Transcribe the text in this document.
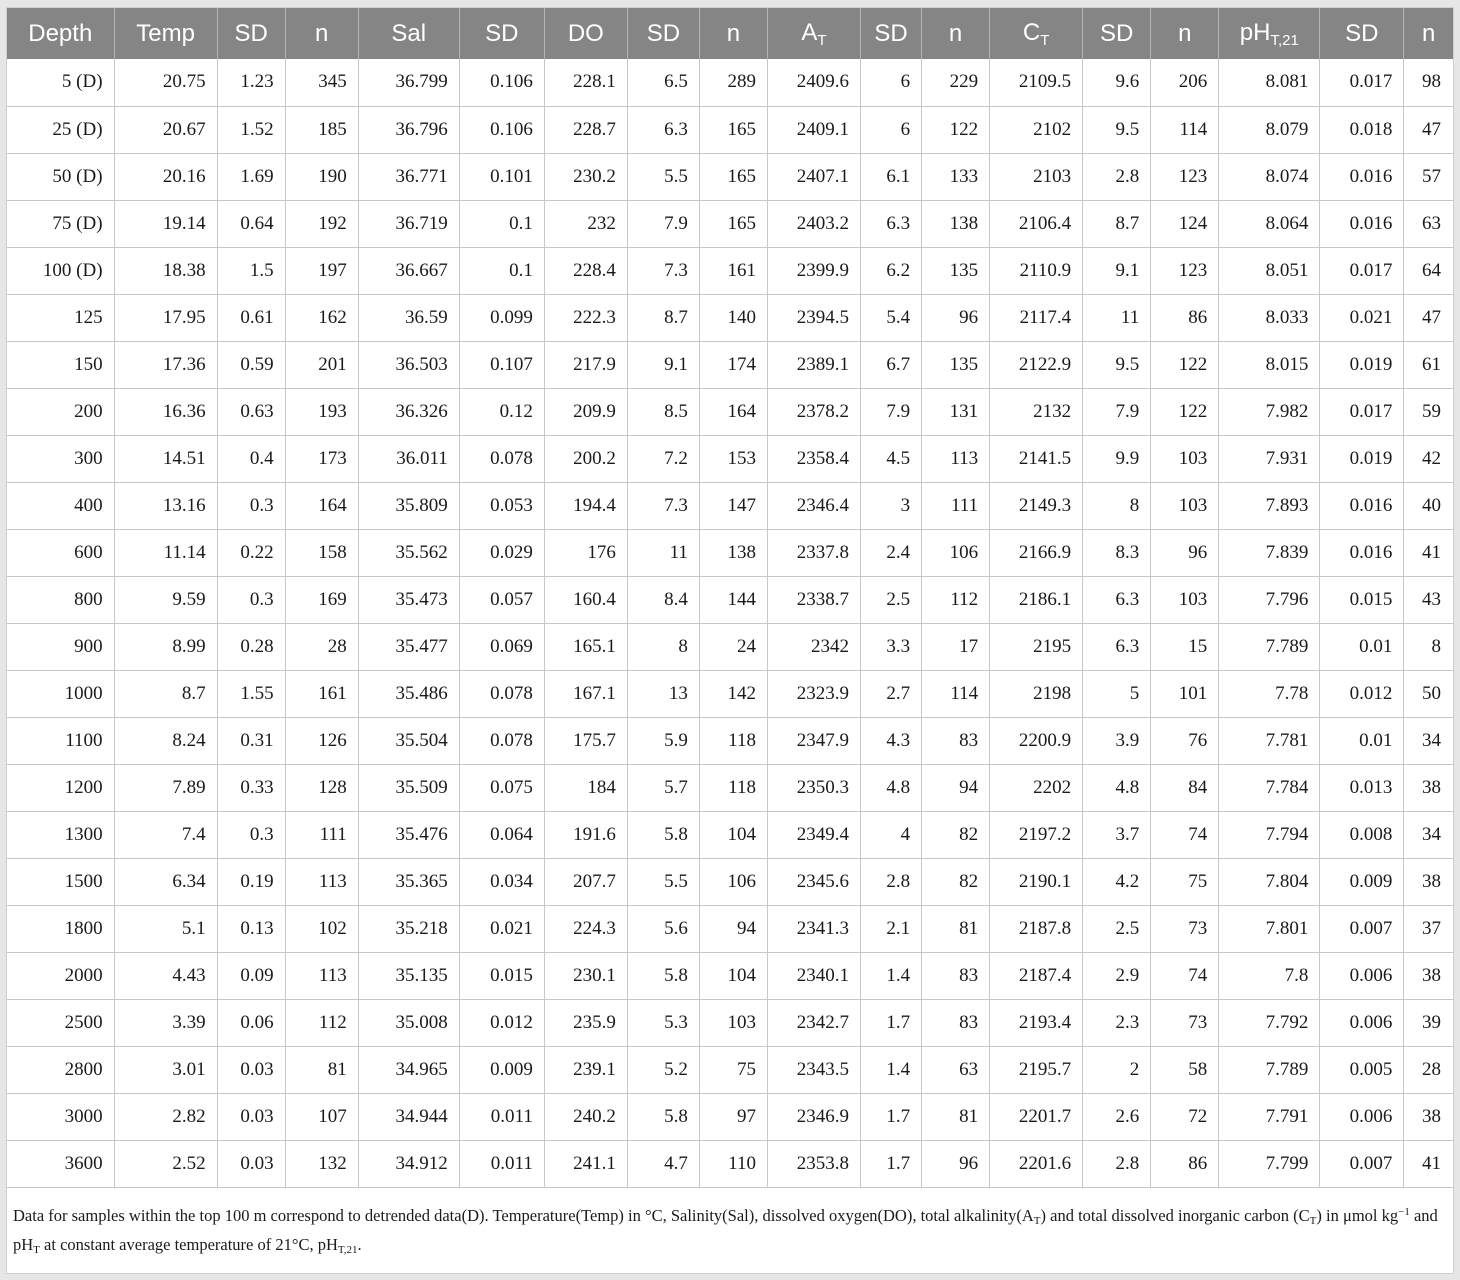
Depth	Temp	SD	n	Sal	SD	DO	SD	n	$A_T$	SD	n	$C_T$	SD	n	$pH_{T,21}$	SD	n
5 (D)	20.75	1.23	345	36.799	0.106	228.1	6.5	289	2409.6	6	229	2109.5	9.6	206	8.081	0.017	98
25 (D)	20.67	1.52	185	36.796	0.106	228.7	6.3	165	2409.1	6	122	2102	9.5	114	8.079	0.018	47
50 (D)	20.16	1.69	190	36.771	0.101	230.2	5.5	165	2407.1	6.1	133	2103	2.8	123	8.074	0.016	57
75 (D)	19.14	0.64	192	36.719	0.1	232	7.9	165	2403.2	6.3	138	2106.4	8.7	124	8.064	0.016	63
100 (D)	18.38	1.5	197	36.667	0.1	228.4	7.3	161	2399.9	6.2	135	2110.9	9.1	123	8.051	0.017	64
125	17.95	0.61	162	36.59	0.099	222.3	8.7	140	2394.5	5.4	96	2117.4	11	86	8.033	0.021	47
150	17.36	0.59	201	36.503	0.107	217.9	9.1	174	2389.1	6.7	135	2122.9	9.5	122	8.015	0.019	61
200	16.36	0.63	193	36.326	0.12	209.9	8.5	164	2378.2	7.9	131	2132	7.9	122	7.982	0.017	59
300	14.51	0.4	173	36.011	0.078	200.2	7.2	153	2358.4	4.5	113	2141.5	9.9	103	7.931	0.019	42
400	13.16	0.3	164	35.809	0.053	194.4	7.3	147	2346.4	3	111	2149.3	8	103	7.893	0.016	40
600	11.14	0.22	158	35.562	0.029	176	11	138	2337.8	2.4	106	2166.9	8.3	96	7.839	0.016	41
800	9.59	0.3	169	35.473	0.057	160.4	8.4	144	2338.7	2.5	112	2186.1	6.3	103	7.796	0.015	43
900	8.99	0.28	28	35.477	0.069	165.1	8	24	2342	3.3	17	2195	6.3	15	7.789	0.01	8
1000	8.7	1.55	161	35.486	0.078	167.1	13	142	2323.9	2.7	114	2198	5	101	7.78	0.012	50
1100	8.24	0.31	126	35.504	0.078	175.7	5.9	118	2347.9	4.3	83	2200.9	3.9	76	7.781	0.01	34
1200	7.89	0.33	128	35.509	0.075	184	5.7	118	2350.3	4.8	94	2202	4.8	84	7.784	0.013	38
1300	7.4	0.3	111	35.476	0.064	191.6	5.8	104	2349.4	4	82	2197.2	3.7	74	7.794	0.008	34
1500	6.34	0.19	113	35.365	0.034	207.7	5.5	106	2345.6	2.8	82	2190.1	4.2	75	7.804	0.009	38
1800	5.1	0.13	102	35.218	0.021	224.3	5.6	94	2341.3	2.1	81	2187.8	2.5	73	7.801	0.007	37
2000	4.43	0.09	113	35.135	0.015	230.1	5.8	104	2340.1	1.4	83	2187.4	2.9	74	7.8	0.006	38
2500	3.39	0.06	112	35.008	0.012	235.9	5.3	103	2342.7	1.7	83	2193.4	2.3	73	7.792	0.006	39
2800	3.01	0.03	81	34.965	0.009	239.1	5.2	75	2343.5	1.4	63	2195.7	2	58	7.789	0.005	28
3000	2.82	0.03	107	34.944	0.011	240.2	5.8	97	2346.9	1.7	81	2201.7	2.6	72	7.791	0.006	38
3600	2.52	0.03	132	34.912	0.011	241.1	4.7	110	2353.8	1.7	96	2201.6	2.8	86	7.799	0.007	41
Data for samples within the top 100 m correspond to detrended data(D). Temperature(Temp) in °C, Salinity(Sal), dissolved oxygen(DO), total $alkalinity(A_T)$ and total dissolved inorganic carbon $(C_T)$ in μmol $kg^{-1}$ and $pH_T$ at constant average temperature of 21°C, $pH_{T,21}$.
